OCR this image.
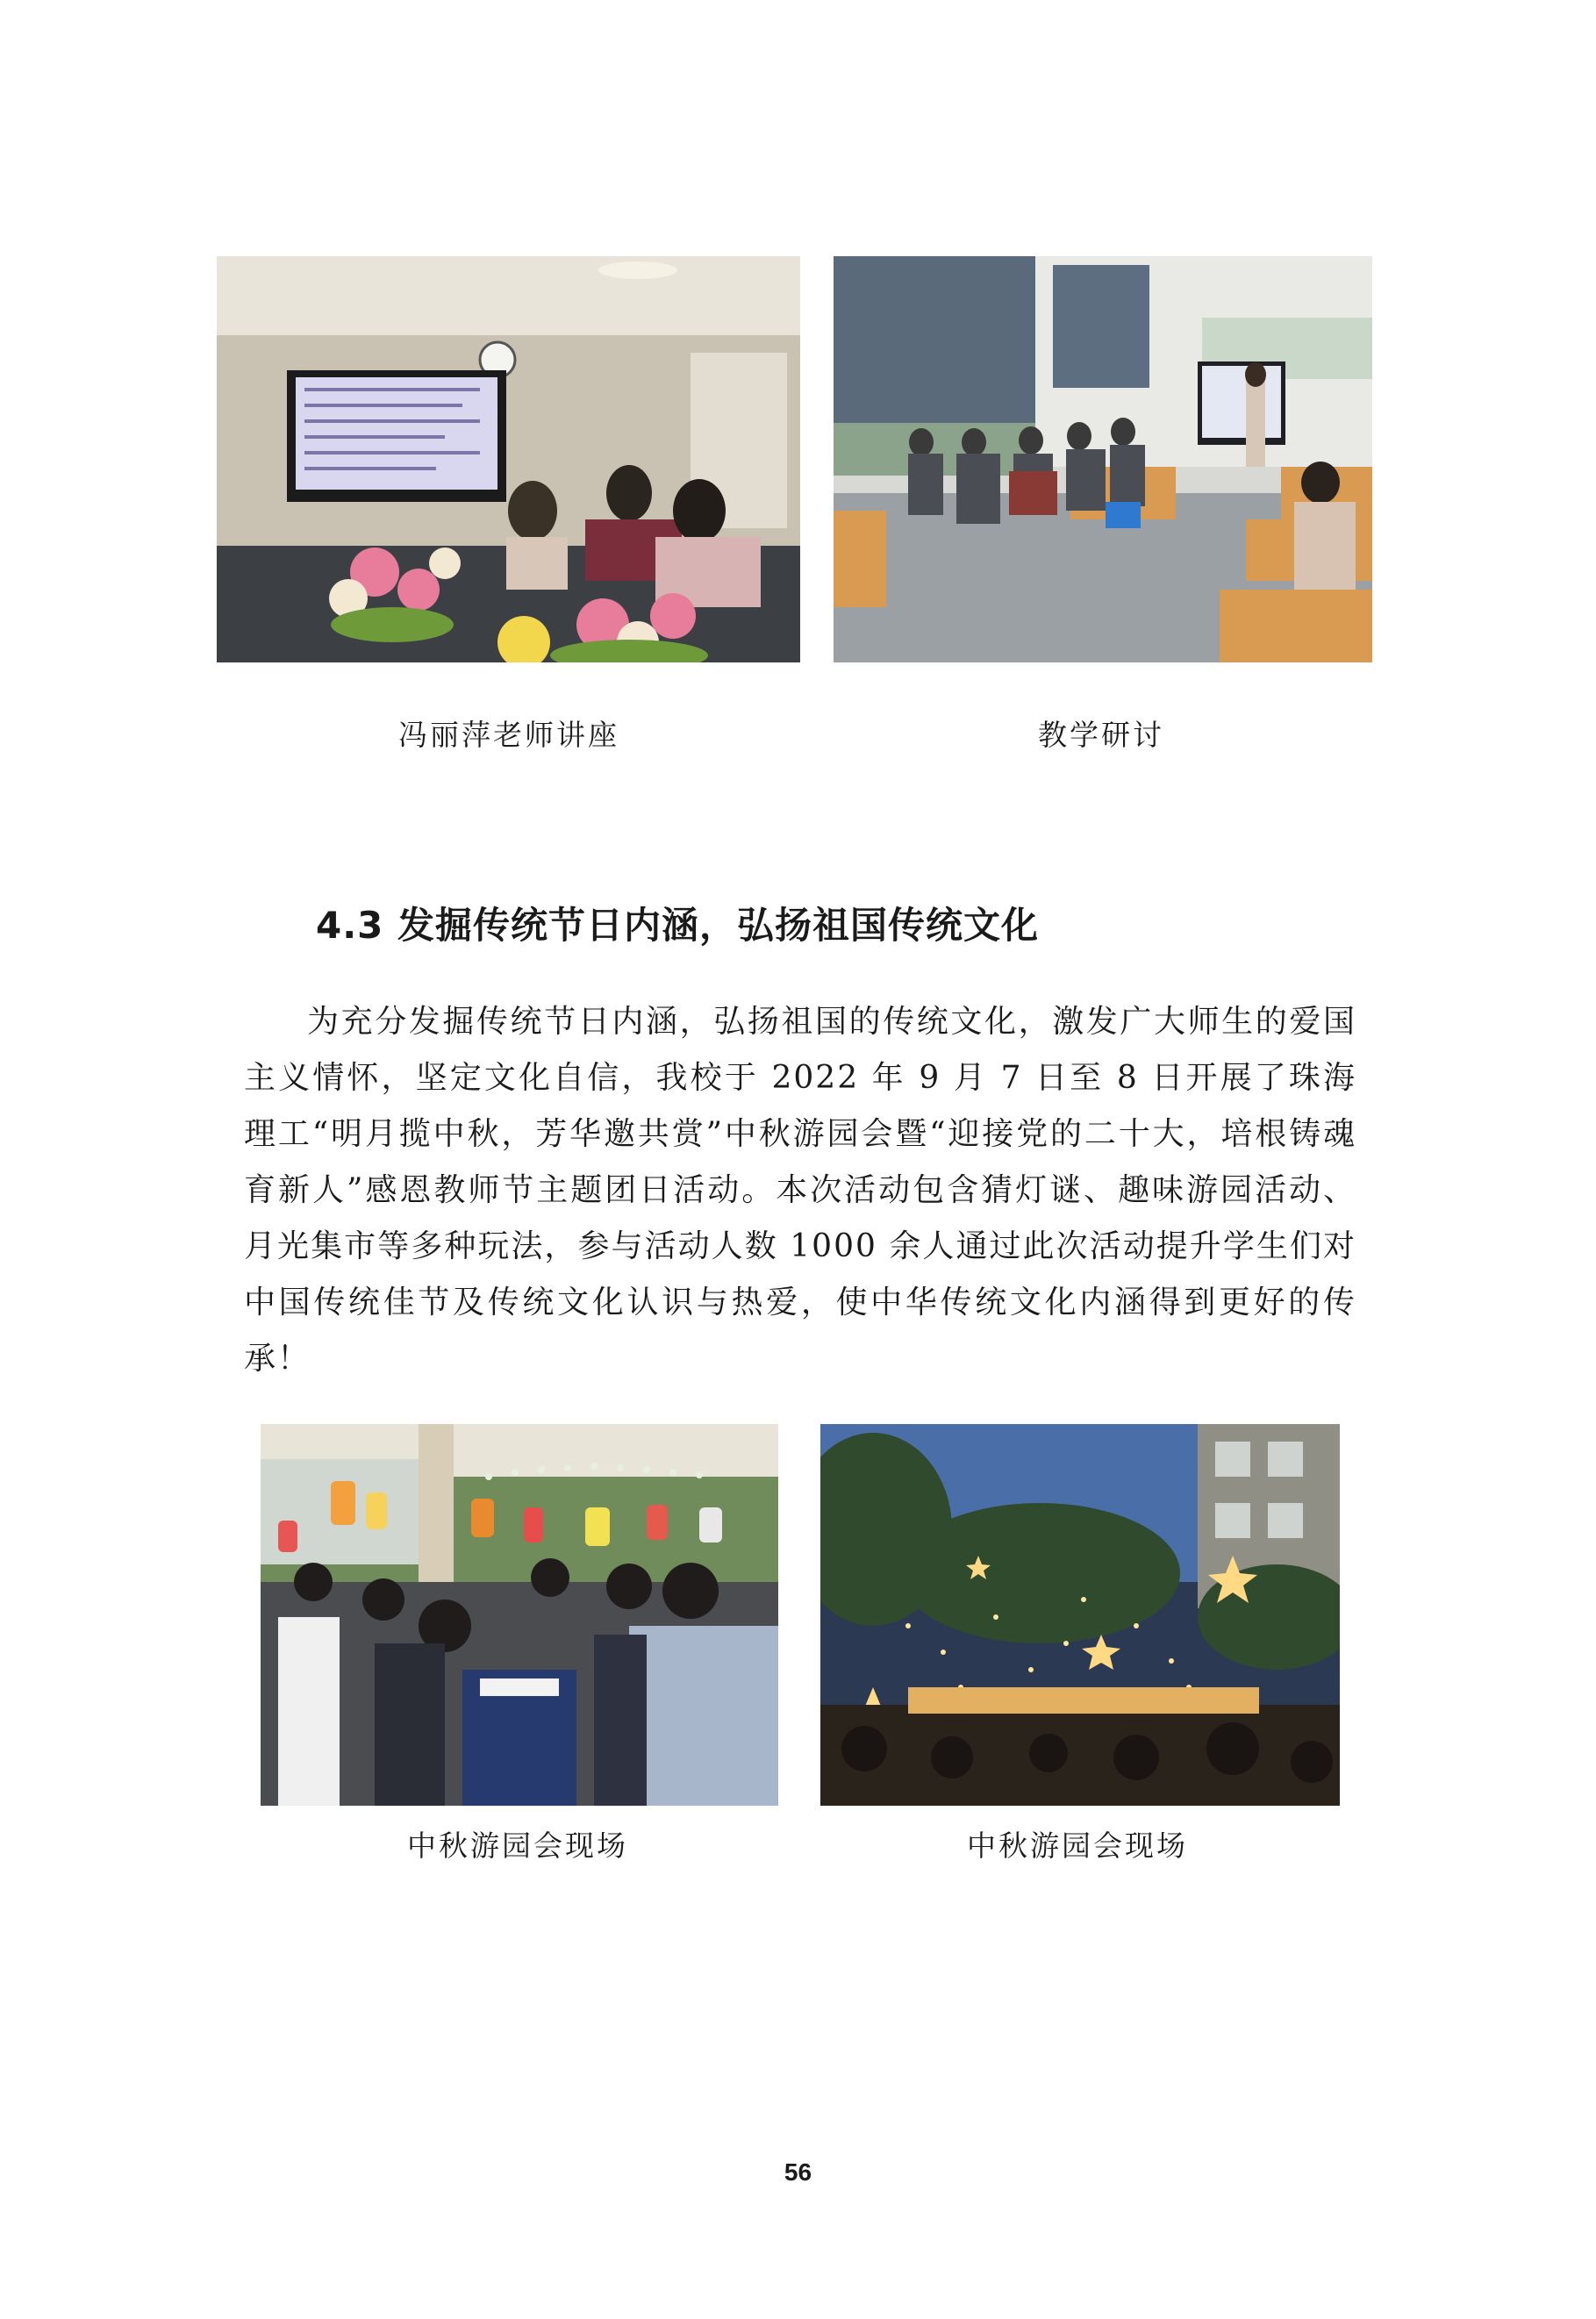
冯丽萍老师讲座	教学研讨
4.3 发掘传统节日内涵，弘扬祖国传统文化

为充分发掘传统节日内涵，弘扬祖国的传统文化，激发广大师生的爱国主义情怀，坚定文化自信，我校于 2022 年 9 月 7 日至 8 日开展了珠海理工“明月揽中秋，芳华邀共赏”中秋游园会暨“迎接党的二十大，培根铸魂育新人”感恩教师节主题团日活动。本次活动包含猜灯谜、趣味游园活动、月光集市等多种玩法，参与活动人数 1000 余人通过此次活动提升学生们对中国传统佳节及传统文化认识与热爱，使中华传统文化内涵得到更好的传承！

中秋游园会现场	中秋游园会现场
56
